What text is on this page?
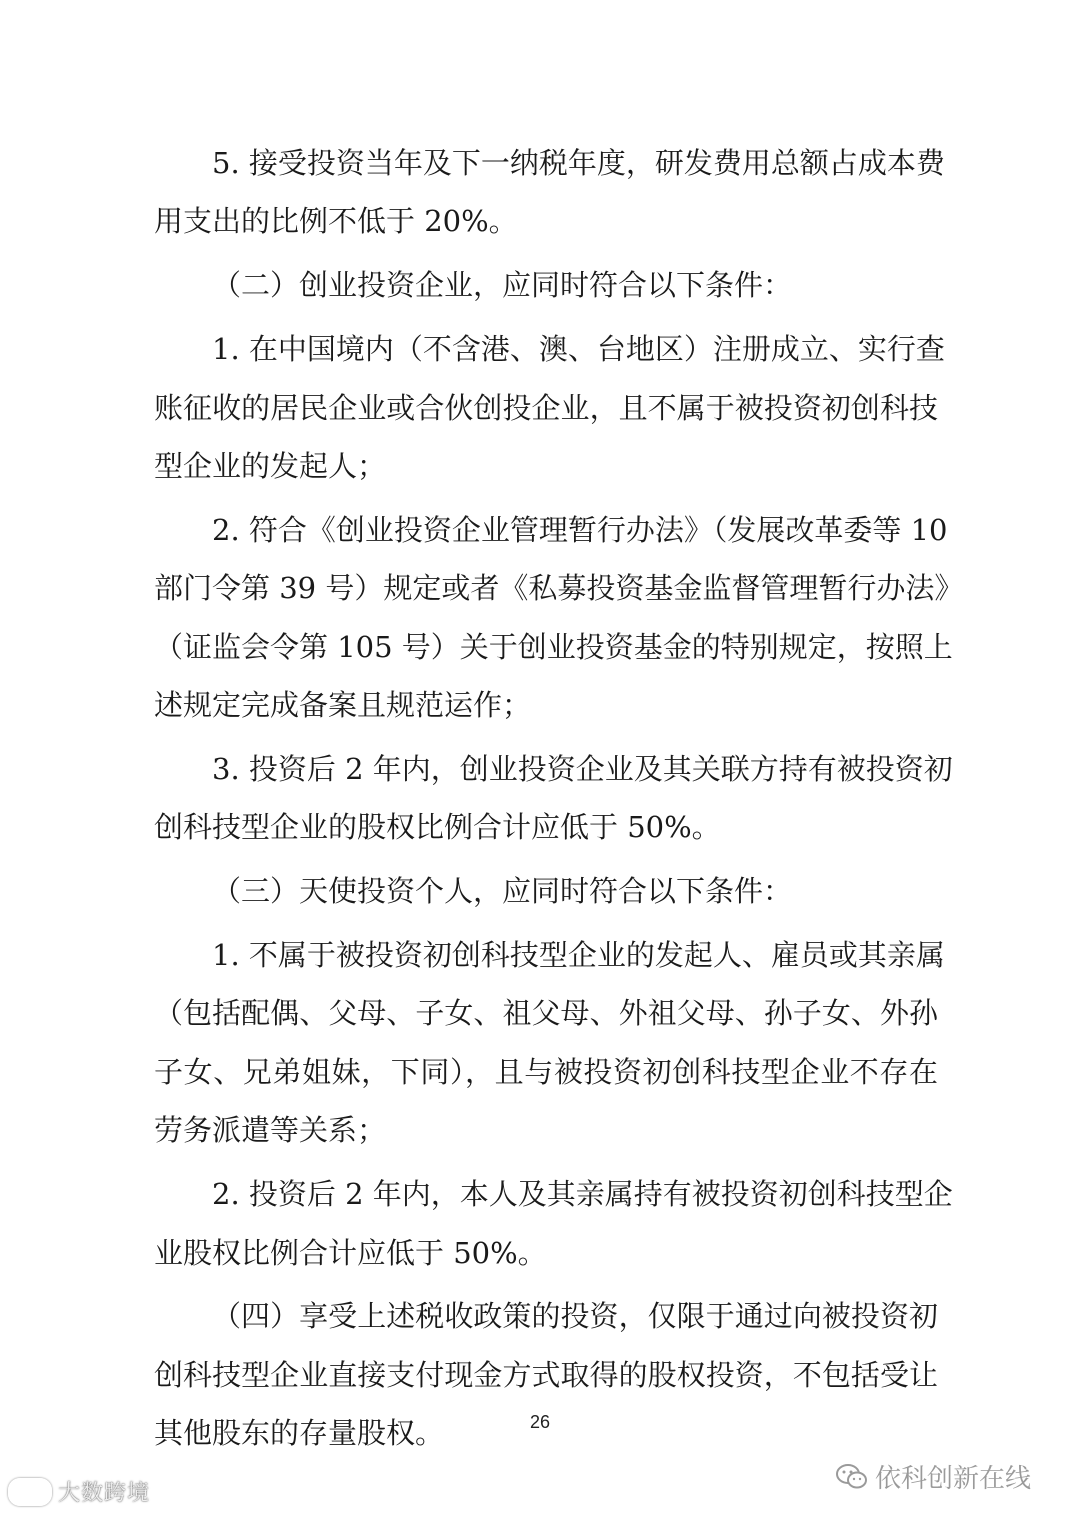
5. 接受投资当年及下一纳税年度，研发费用总额占成本费
用支出的比例不低于 20%。
（二）创业投资企业，应同时符合以下条件：
1. 在中国境内（不含港、澳、台地区）注册成立、实行查
账征收的居民企业或合伙创投企业，且不属于被投资初创科技
型企业的发起人；
2. 符合《创业投资企业管理暂行办法》（发展改革委等 10
部门令第 39 号）规定或者《私募投资基金监督管理暂行办法》
（证监会令第 105 号）关于创业投资基金的特别规定，按照上
述规定完成备案且规范运作；
3. 投资后 2 年内，创业投资企业及其关联方持有被投资初
创科技型企业的股权比例合计应低于 50%。
（三）天使投资个人，应同时符合以下条件：
1. 不属于被投资初创科技型企业的发起人、雇员或其亲属
（包括配偶、父母、子女、祖父母、外祖父母、孙子女、外孙
子女、兄弟姐妹，下同），且与被投资初创科技型企业不存在
劳务派遣等关系；
2. 投资后 2 年内，本人及其亲属持有被投资初创科技型企
业股权比例合计应低于 50%。
（四）享受上述税收政策的投资，仅限于通过向被投资初
创科技型企业直接支付现金方式取得的股权投资，不包括受让
其他股东的存量股权。	26
依科创新在线
大数跨境
